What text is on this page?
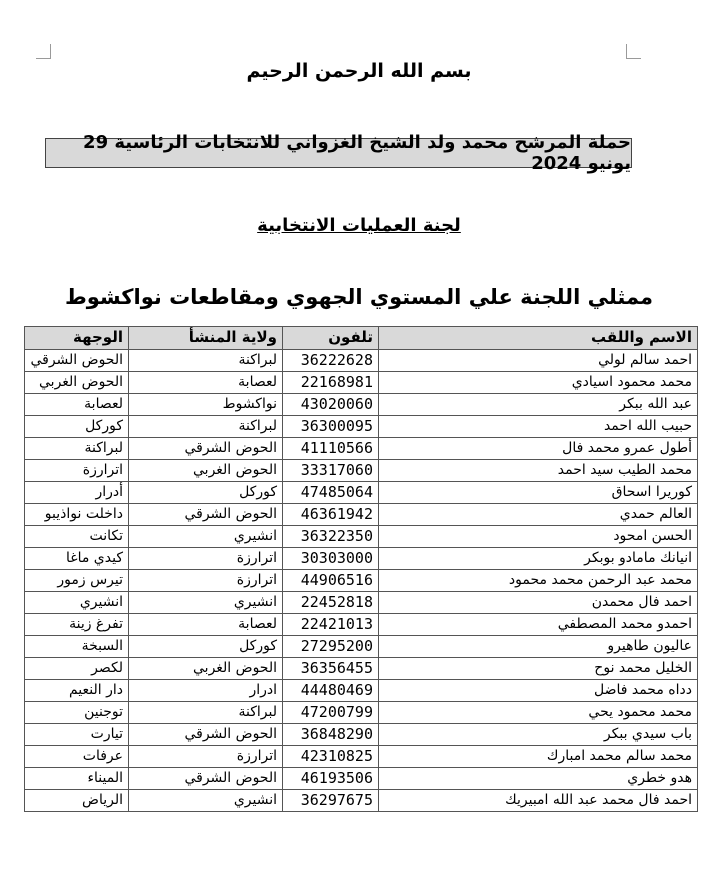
بسم الله الرحمن الرحيم
حملة المرشح محمد ولد الشيخ الغزواني للانتخابات الرئاسية 29 يونيو 2024
لجنة العمليات الانتخابية
ممثلي اللجنة علي المستوي الجهوي ومقاطعات نواكشوط
الاسم واللقب	تلفون	ولاية المنشأ	الوجهة
احمد سالم لولي	36222628	لبراكنة	الحوض الشرقي
محمد محمود اسيادي	22168981	لعصابة	الحوض الغربي
عبد الله ببكر	43020060	نواكشوط	لعصابة
حبيب الله احمد	36300095	لبراكنة	كوركل
أطول عمرو محمد فال	41110566	الحوض الشرقي	لبراكنة
محمد الطيب سيد احمد	33317060	الحوض الغربي	اترارزة
كوريرا اسحاق	47485064	كوركل	أدرار
العالم حمدي	46361942	الحوض الشرقي	داخلت نواذيبو
الحسن امحود	36322350	انشيري	تكانت
انيانك مامادو بوبكر	30303000	اترارزة	كيدي ماغا
محمد عبد الرحمن محمد محمود	44906516	اترارزة	تيرس زمور
احمد فال محمدن	22452818	انشيري	انشيري
احمدو محمد المصطفي	22421013	لعصابة	تفرغ زينة
عاليون طاهيرو	27295200	كوركل	السبخة
الخليل محمد نوح	36356455	الحوض الغربي	لكصر
دداه محمد فاضل	44480469	ادرار	دار النعيم
محمد محمود يحي	47200799	لبراكنة	توجنين
باب سيدي ببكر	36848290	الحوض الشرقي	تيارت
محمد سالم محمد امبارك	42310825	اترارزة	عرفات
هدو خطري	46193506	الحوض الشرقي	الميناء
احمد فال محمد عبد الله امبيريك	36297675	انشيري	الرياض
